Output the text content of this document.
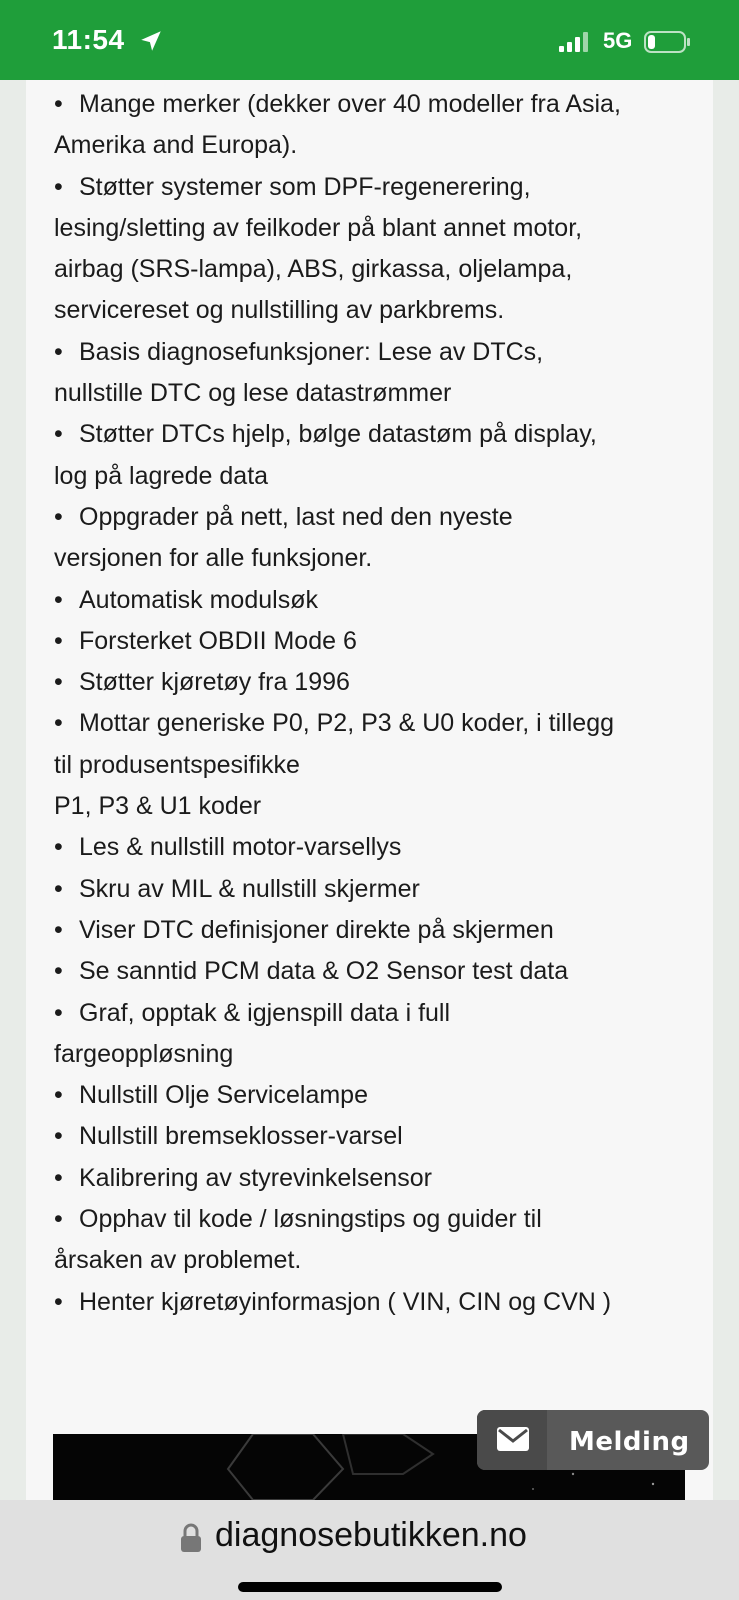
11:54	5G
• Mange merker (dekker over 40 modeller fra Asia,
Amerika and Europa).
• Støtter systemer som DPF-regenerering,
lesing/sletting av feilkoder på blant annet motor,
airbag (SRS-lampa), ABS, girkassa, oljelampa,
servicereset og nullstilling av parkbrems.
• Basis diagnosefunksjoner: Lese av DTCs,
nullstille DTC og lese datastrømmer
• Støtter DTCs hjelp, bølge datastøm på display,
log på lagrede data
• Oppgrader på nett, last ned den nyeste
versjonen for alle funksjoner.
• Automatisk modulsøk
• Forsterket OBDII Mode 6
• Støtter kjøretøy fra 1996
• Mottar generiske P0, P2, P3 & U0 koder, i tillegg
til produsentspesifikke
P1, P3 & U1 koder
• Les & nullstill motor-varsellys
• Skru av MIL & nullstill skjermer
• Viser DTC definisjoner direkte på skjermen
• Se sanntid PCM data & O2 Sensor test data
• Graf, opptak & igjenspill data i full
fargeoppløsning
• Nullstill Olje Servicelampe
• Nullstill bremseklosser-varsel
• Kalibrering av styrevinkelsensor
• Opphav til kode / løsningstips og guider til
årsaken av problemet.
• Henter kjøretøyinformasjon ( VIN, CIN og CVN )
Melding
diagnosebutikken.no
